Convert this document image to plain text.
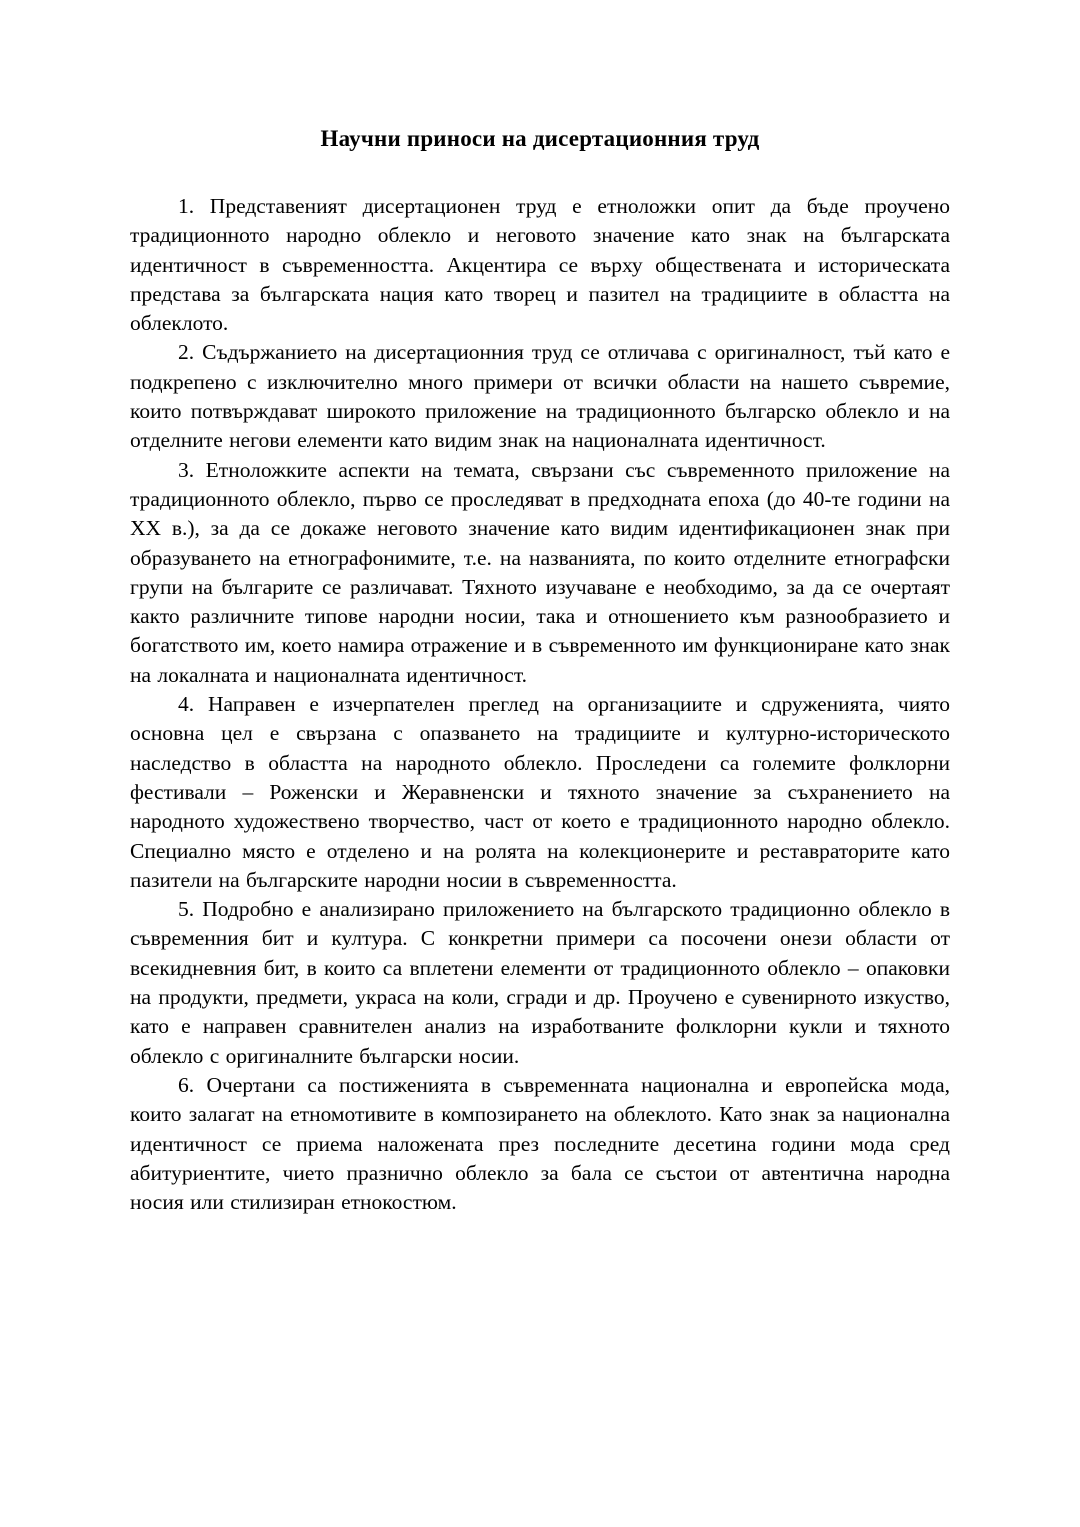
Научни приноси на дисертационния труд

1. Представеният дисертационен труд е етноложки опит да бъде проучено традиционното народно облекло и неговото значение като знак на българската идентичност в съвременността. Акцентира се върху обществената и историческата представа за българската нация като творец и пазител на традициите в областта на облеклото.

2. Съдържанието на дисертационния труд се отличава с оригиналност, тъй като е подкрепено с изключително много примери от всички области на нашето съвремие, които потвърждават широкото приложение на традиционното българско облекло и на отделните негови елементи като видим знак на националната идентичност.

3. Етноложките аспекти на темата, свързани със съвременното приложение на традиционното облекло, първо се проследяват в предходната епоха (до 40-те години на ХХ в.), за да се докаже неговото значение като видим идентификационен знак при образуването на етнографонимите, т.е. на названията, по които отделните етнографски групи на българите се различават. Тяхното изучаване е необходимо, за да се очертаят както различните типове народни носии, така и отношението към разнообразието и богатството им, което намира отражение и в съвременното им функциониране като знак на локалната и националната идентичност.

4. Направен е изчерпателен преглед на организациите и сдруженията, чиято основна цел е свързана с опазването на традициите и културно-историческото наследство в областта на народното облекло. Проследени са големите фолклорни фестивали – Роженски и Жеравненски и тяхното значение за съхранението на народното художествено творчество, част от което е традиционното народно облекло. Специално място е отделено и на ролята на колекционерите и реставраторите като пазители на българските народни носии в съвременността.

5. Подробно е анализирано приложението на българското традиционно облекло в съвременния бит и култура. С конкретни примери са посочени онези области от всекидневния бит, в които са вплетени елементи от традиционното облекло – опаковки на продукти, предмети, украса на коли, сгради и др. Проучено е сувенирното изкуство, като е направен сравнителен анализ на изработваните фолклорни кукли и тяхното облекло с оригиналните български носии.

6. Очертани са постиженията в съвременната национална и европейска мода, които залагат на етномотивите в композирането на облеклото. Като знак за национална идентичност се приема наложената през последните десетина години мода сред абитуриентите, чието празнично облекло за бала се състои от автентична народна носия или стилизиран етнокостюм.
